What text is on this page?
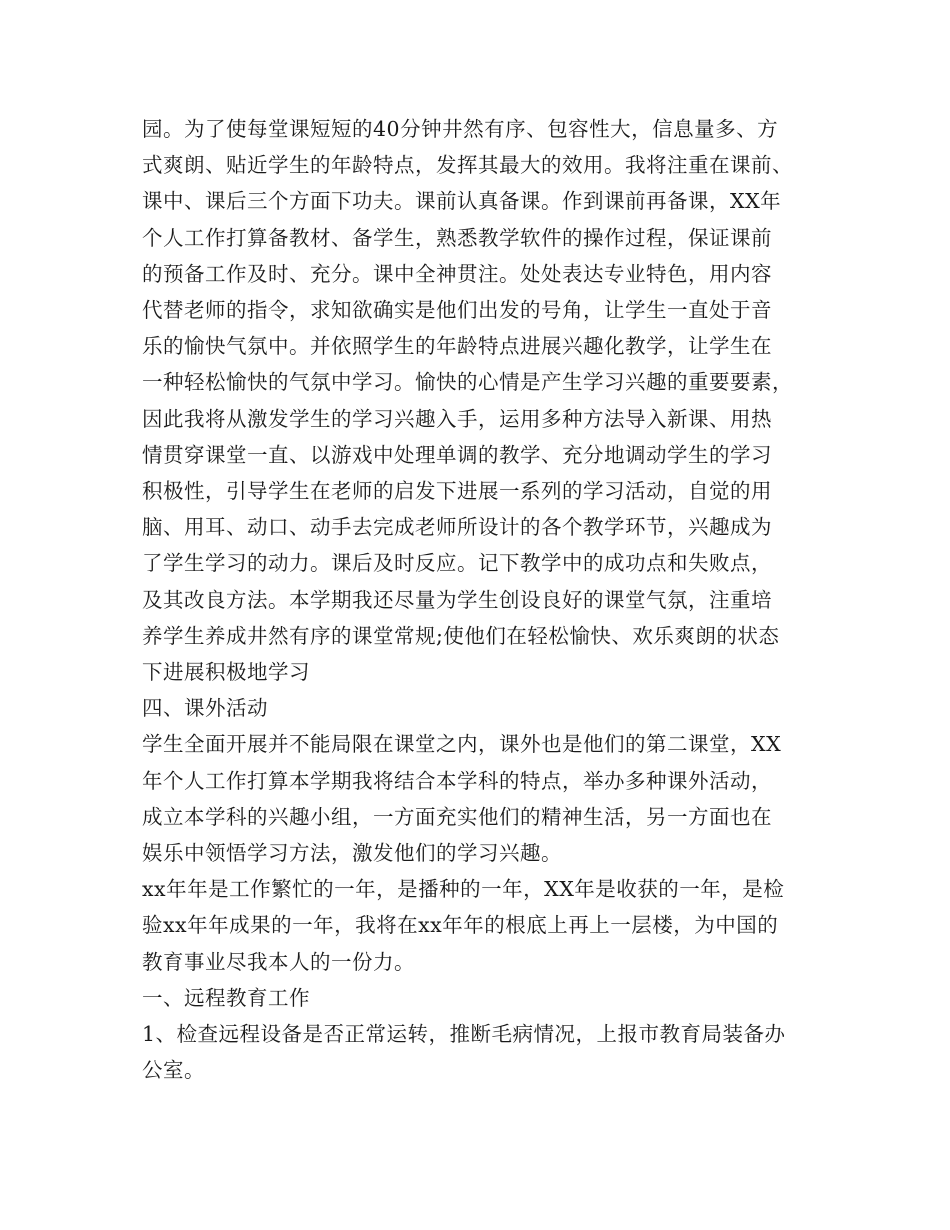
园。为了使每堂课短短的40分钟井然有序、包容性大，信息量多、方
式爽朗、贴近学生的年龄特点，发挥其最大的效用。我将注重在课前、
课中、课后三个方面下功夫。课前认真备课。作到课前再备课，XX年
个人工作打算备教材、备学生，熟悉教学软件的操作过程，保证课前
的预备工作及时、充分。课中全神贯注。处处表达专业特色，用内容
代替老师的指令，求知欲确实是他们出发的号角，让学生一直处于音
乐的愉快气氛中。并依照学生的年龄特点进展兴趣化教学，让学生在
一种轻松愉快的气氛中学习。愉快的心情是产生学习兴趣的重要要素，
因此我将从激发学生的学习兴趣入手，运用多种方法导入新课、用热
情贯穿课堂一直、以游戏中处理单调的教学、充分地调动学生的学习
积极性，引导学生在老师的启发下进展一系列的学习活动，自觉的用
脑、用耳、动口、动手去完成老师所设计的各个教学环节，兴趣成为
了学生学习的动力。课后及时反应。记下教学中的成功点和失败点，
及其改良方法。本学期我还尽量为学生创设良好的课堂气氛，注重培
养学生养成井然有序的课堂常规;使他们在轻松愉快、欢乐爽朗的状态
下进展积极地学习
四、课外活动
学生全面开展并不能局限在课堂之内，课外也是他们的第二课堂，XX
年个人工作打算本学期我将结合本学科的特点，举办多种课外活动，
成立本学科的兴趣小组，一方面充实他们的精神生活，另一方面也在
娱乐中领悟学习方法，激发他们的学习兴趣。
xx年年是工作繁忙的一年，是播种的一年，XX年是收获的一年，是检
验xx年年成果的一年，我将在xx年年的根底上再上一层楼，为中国的
教育事业尽我本人的一份力。
一、远程教育工作
1、检查远程设备是否正常运转，推断毛病情况，上报市教育局装备办
公室。
